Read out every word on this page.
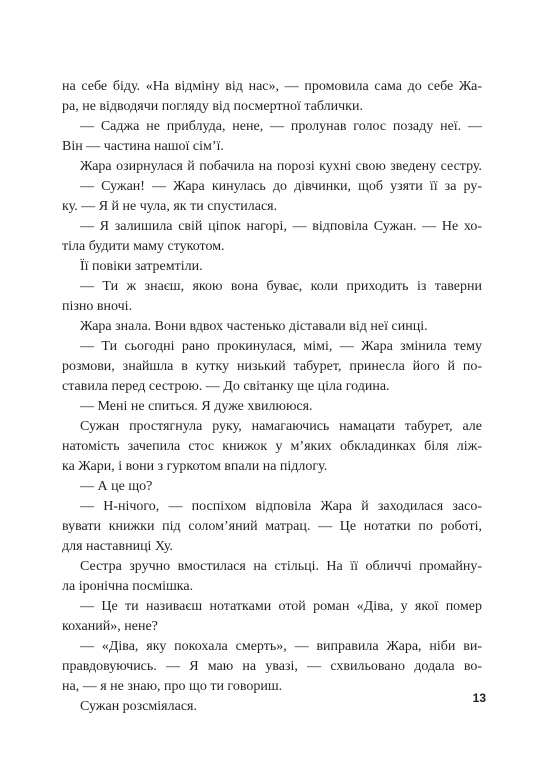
на себе біду. «На відміну від нас», — промовила сама до себе Жа-
ра, не відводячи погляду від посмертної таблички.
— Саджа не приблуда, нене, — пролунав голос позаду неї. —
Він — частина нашої сім’ї.
Жара озирнулася й побачила на порозі кухні свою зведену сестру.
— Сужан! — Жара кинулась до дівчинки, щоб узяти її за ру-
ку. — Я й не чула, як ти спустилася.
— Я залишила свій ціпок нагорі, — відповіла Сужан. — Не хо-
тіла будити маму стукотом.
Її повіки затремтіли.
— Ти ж знаєш, якою вона буває, коли приходить із таверни
пізно вночі.
Жара знала. Вони вдвох частенько діставали від неї синці.
— Ти сьогодні рано прокинулася, мімі, — Жара змінила тему
розмови, знайшла в кутку низький табурет, принесла його й по-
ставила перед сестрою. — До світанку ще ціла година.
— Мені не спиться. Я дуже хвилююся.
Сужан простягнула руку, намагаючись намацати табурет, але
натомість зачепила стос книжок у м’яких обкладинках біля ліж-
ка Жари, і вони з гуркотом впали на підлогу.
— А це що?
— Н-нічого, — поспіхом відповіла Жара й заходилася засо-
вувати книжки під солом’яний матрац. — Це нотатки по роботі,
для наставниці Ху.
Сестра зручно вмостилася на стільці. На її обличчі промайну-
ла іронічна посмішка.
— Це ти називаєш нотатками отой роман «Діва, у якої помер
коханий», нене?
— «Діва, яку покохала смерть», — виправила Жара, ніби ви-
правдовуючись. — Я маю на увазі, — схвильовано додала во-
на, — я не знаю, про що ти говориш.
Сужан розсміялася.
13
